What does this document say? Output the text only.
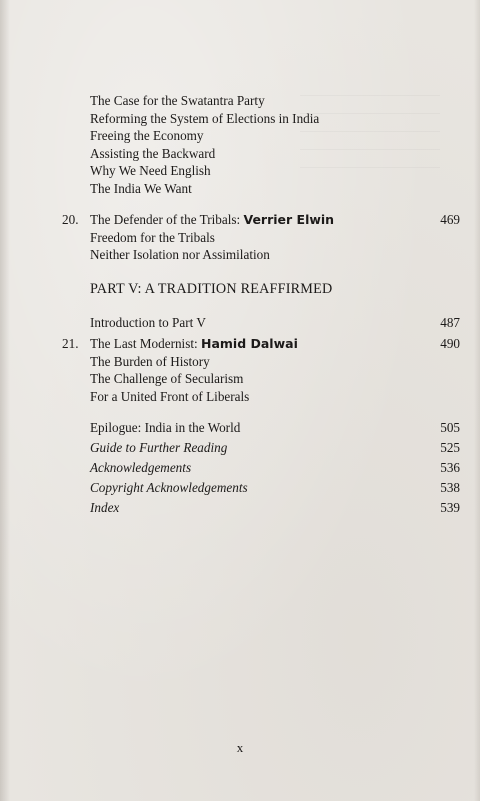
The Case for the Swatantra Party
Reforming the System of Elections in India
Freeing the Economy
Assisting the Backward
Why We Need English
The India We Want
20. The Defender of the Tribals: Verrier Elwin	469
Freedom for the Tribals
Neither Isolation nor Assimilation
PART V: A TRADITION REAFFIRMED
Introduction to Part V	487
21. The Last Modernist: Hamid Dalwai	490
The Burden of History
The Challenge of Secularism
For a United Front of Liberals
Epilogue: India in the World	505
Guide to Further Reading	525
Acknowledgements	536
Copyright Acknowledgements	538
Index	539
x
